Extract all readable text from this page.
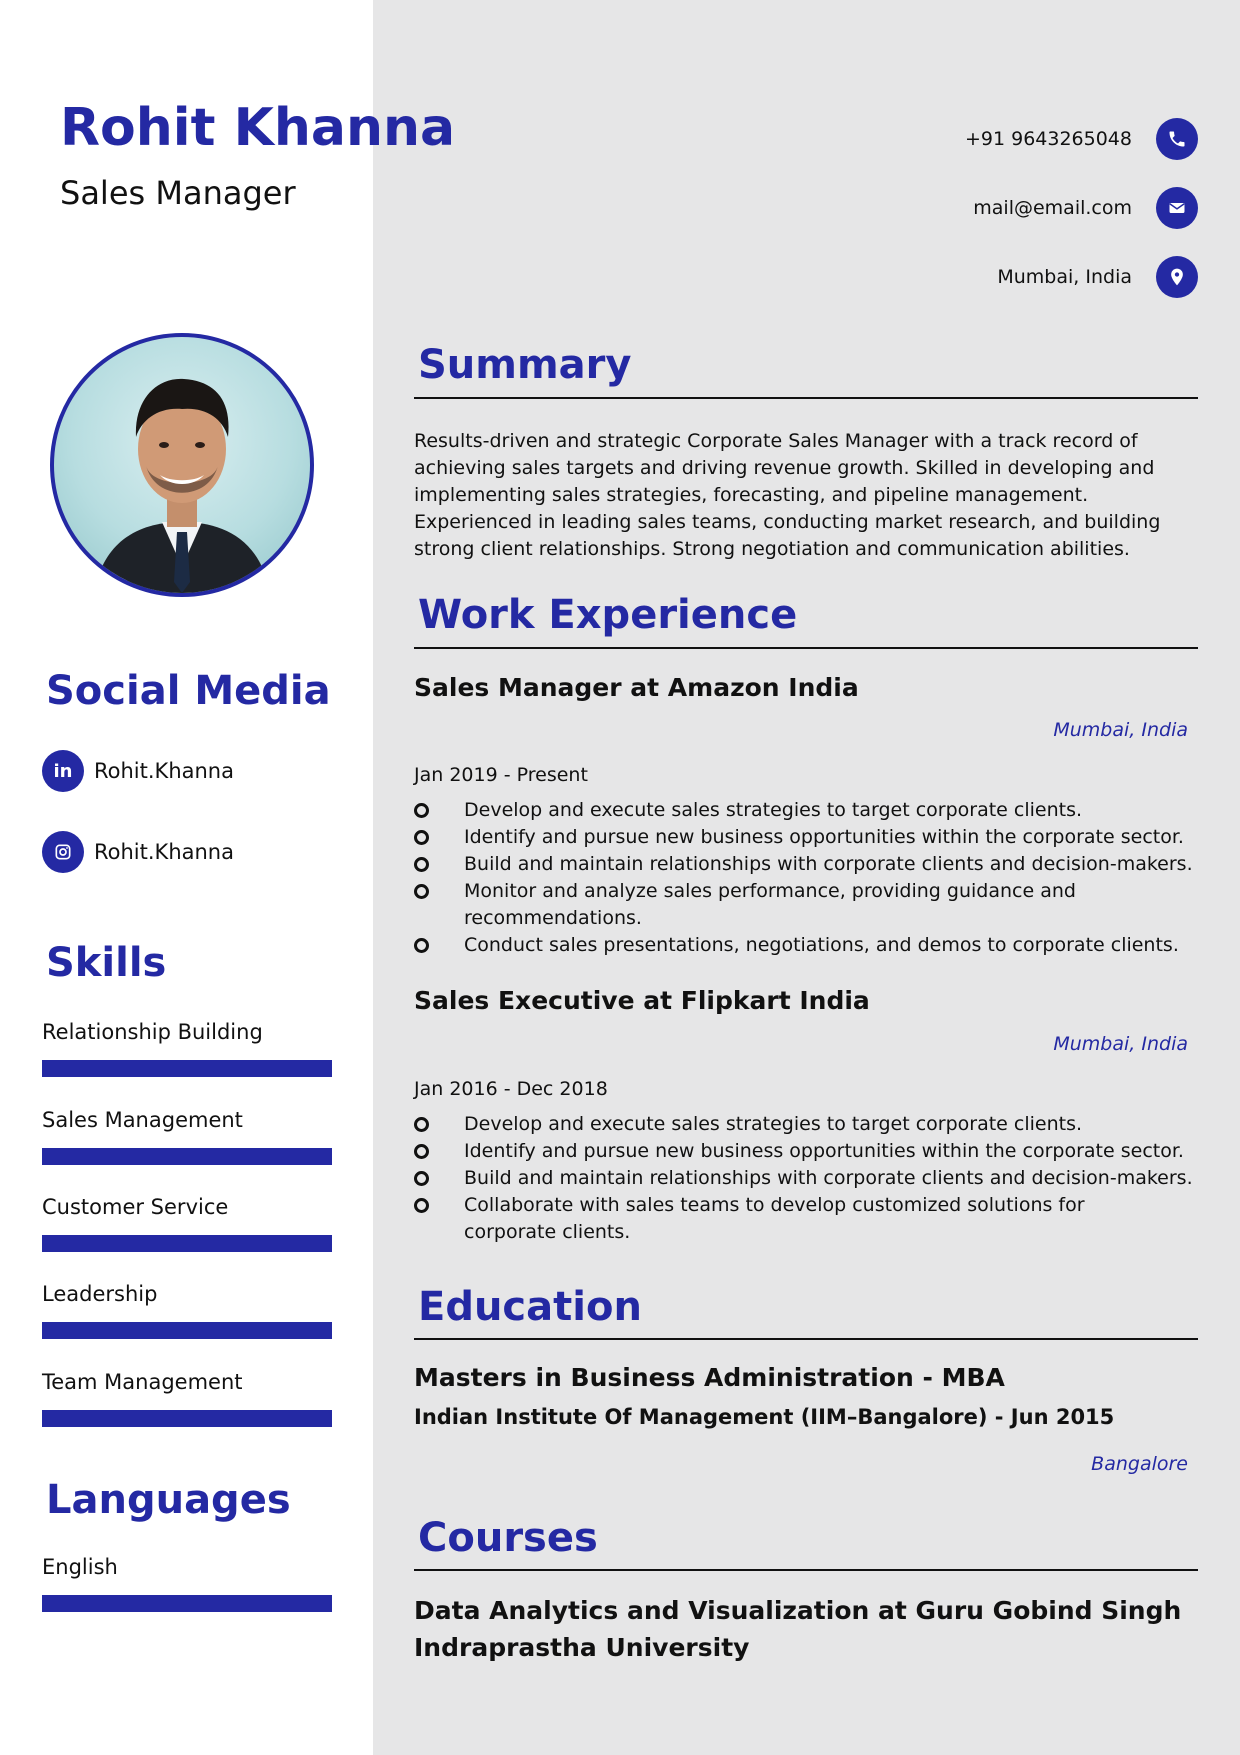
Rohit Khanna

Sales Manager

+91 9643265048
mail@email.com
Mumbai, India
Social Media
in	Rohit.Khanna
Rohit.Khanna
Skills
Relationship Building
Sales Management
Customer Service
Leadership
Team Management
Languages
English
Summary

Results-driven and strategic Corporate Sales Manager with a track record of achieving sales targets and driving revenue growth. Skilled in developing and implementing sales strategies, forecasting, and pipeline management. Experienced in leading sales teams, conducting market research, and building strong client relationships. Strong negotiation and communication abilities.

Work Experience
Sales Manager at Amazon India
Mumbai, India
Jan 2019 - Present
Develop and execute sales strategies to target corporate clients.
Identify and pursue new business opportunities within the corporate sector.
Build and maintain relationships with corporate clients and decision-makers.
Monitor and analyze sales performance, providing guidance and recommendations.
Conduct sales presentations, negotiations, and demos to corporate clients.
Sales Executive at Flipkart India
Mumbai, India
Jan 2016 - Dec 2018
Develop and execute sales strategies to target corporate clients.
Identify and pursue new business opportunities within the corporate sector.
Build and maintain relationships with corporate clients and decision-makers.
Collaborate with sales teams to develop customized solutions for corporate clients.
Education
Masters in Business Administration - MBA

Indian Institute Of Management (IIM–Bangalore) - Jun 2015

Bangalore
Courses
Data Analytics and Visualization at Guru Gobind Singh Indraprastha University
